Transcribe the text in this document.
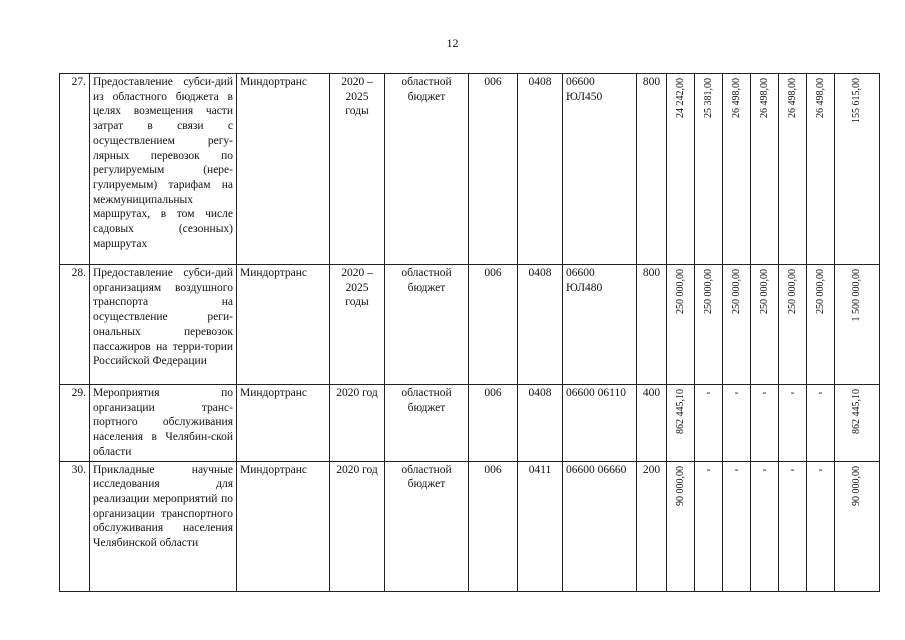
12
27.	Предоставление субси-дий из областного бюджета в целях возмещения части затрат в связи с осуществлением регу-лярных перевозок по регулируемым (нере-гулируемым) тарифам на межмуниципальных маршрутах, в том числе садовых (сезонных) маршрутах	Миндортранс	2020 – 2025 годы	областной бюджет	006	0408	06600 ЮЛ450	800	24 242,00	25 381,00	26 498,00	26 498,00	26 498,00	26 498,00	155 615,00

28.	Предоставление субси-дий организациям воздушного транспорта на осуществление реги-ональных перевозок пассажиров на терри-тории Российской Федерации	Миндортранс	2020 – 2025 годы	областной бюджет	006	0408	06600 ЮЛ480	800	250 000,00	250 000,00	250 000,00	250 000,00	250 000,00	250 000,00	1 500 000,00

29.	Мероприятия по организации транс-портного обслуживания населения в Челябин-ской области	Миндортранс	2020 год	областной бюджет	006	0408	06600 06110	400	862 445,10	-	-	-	-	-	862 445,10

30.	Прикладные научные исследования для реализации мероприятий по организации транспортного обслуживания населения Челябинской области	Миндортранс	2020 год	областной бюджет	006	0411	06600 06660	200	90 000,00	-	-	-	-	-	90 000,00
